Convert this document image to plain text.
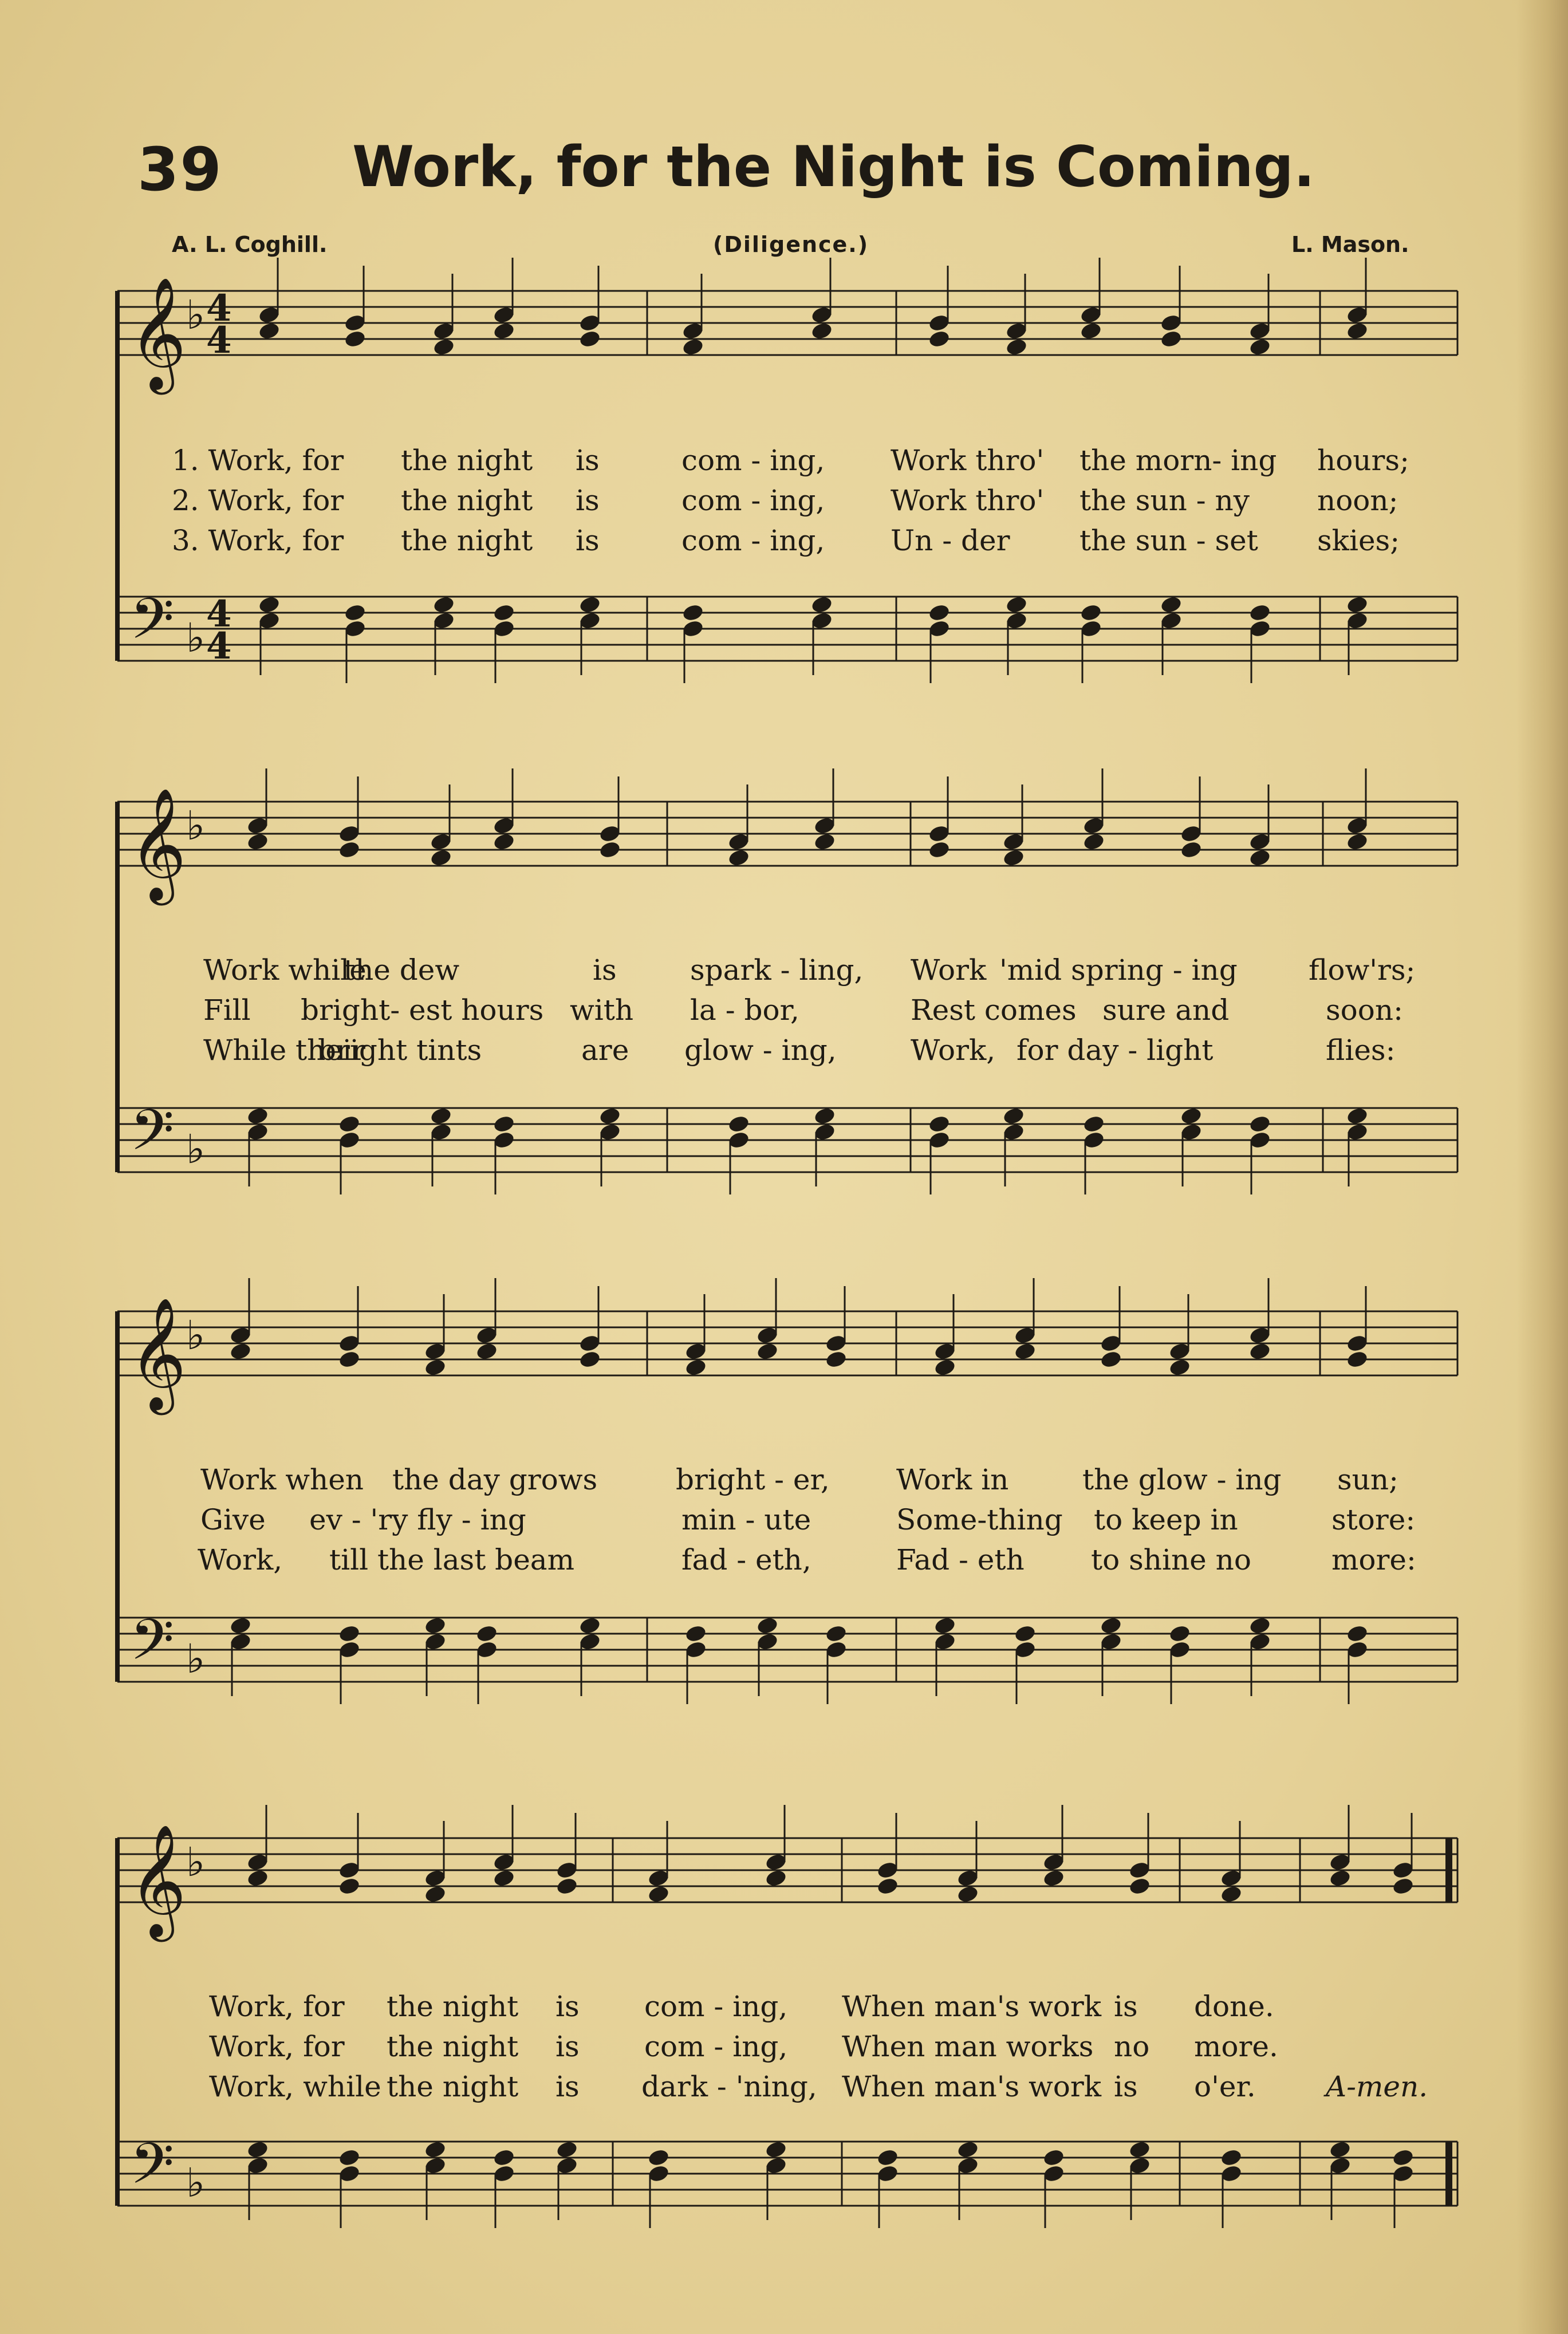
39 Work, for the Night is Coming.
A. L. Coghill.	(Diligence.)	L. Mason.
𝄞
𝄢
♭
♭
4
4
4
4
𝄞
𝄢
♭
♭
𝄞
𝄢
♭
♭
𝄞
𝄢
♭
♭
1. Work, for the night is	com - ing, Work thro' the morn- ing hours;
2. Work, for the night is	com - ing, Work thro' the sun - ny noon;
3. Work, for the night is	com - ing, Un - der the sun - set skies;
Work while
the dew	is	spark - ling, Work 'mid spring - ing flow'rs;
Fill bright- est hours with la - bor,	Rest comes sure and	soon:
While their
bright tints	are glow - ing,	Work, for day - light	flies:
Work when the day grows	bright - er, Work in	the glow - ing sun;
Give ev - 'ry fly - ing	min - ute	Some-thing to keep in	store:
Work, till the last beam	fad - eth,	Fad - eth to shine no	more:
Work, for the night is com - ing, When man's work is done.
Work, for the night is com - ing, When man works no more.
Work, while the night is dark - 'ning, When man's work is o'er. A-men.
